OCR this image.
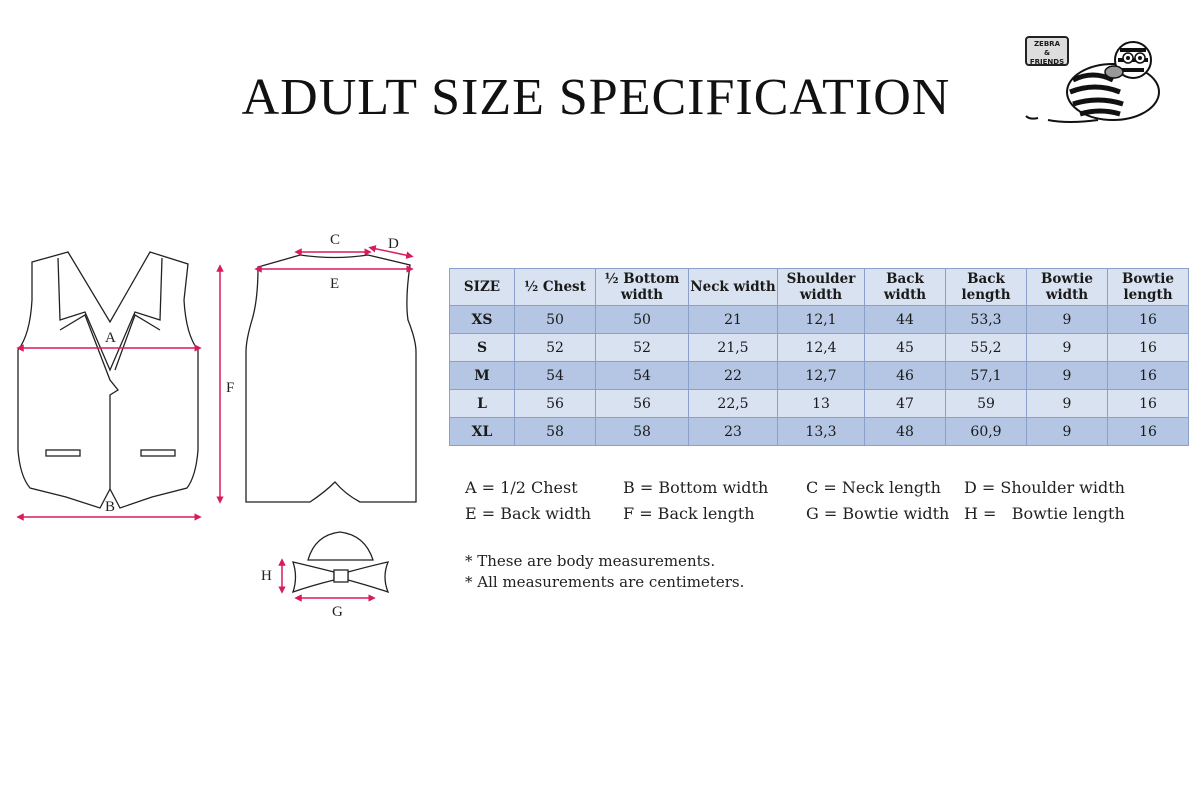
ADULT SIZE SPECIFICATION
ZEBRA
&
FRIENDS
A
B
C	D
E
F
G
H
SIZE	½ Chest	½ Bottom width	Neck width	Shoulder width	Back width	Back length	Bowtie width	Bowtie length
XS	50	50	21	12,1	44	53,3	9	16
S	52	52	21,5	12,4	45	55,2	9	16
M	54	54	22	12,7	46	57,1	9	16
L	56	56	22,5	13	47	59	9	16
XL	58	58	23	13,3	48	60,9	9	16
A = 1/2 Chest	B = Bottom width C = Neck length D = Shoulder width
E = Back width F = Back length	G = Bowtie width H =   Bowtie length
* These are body measurements.
* All measurements are centimeters.
